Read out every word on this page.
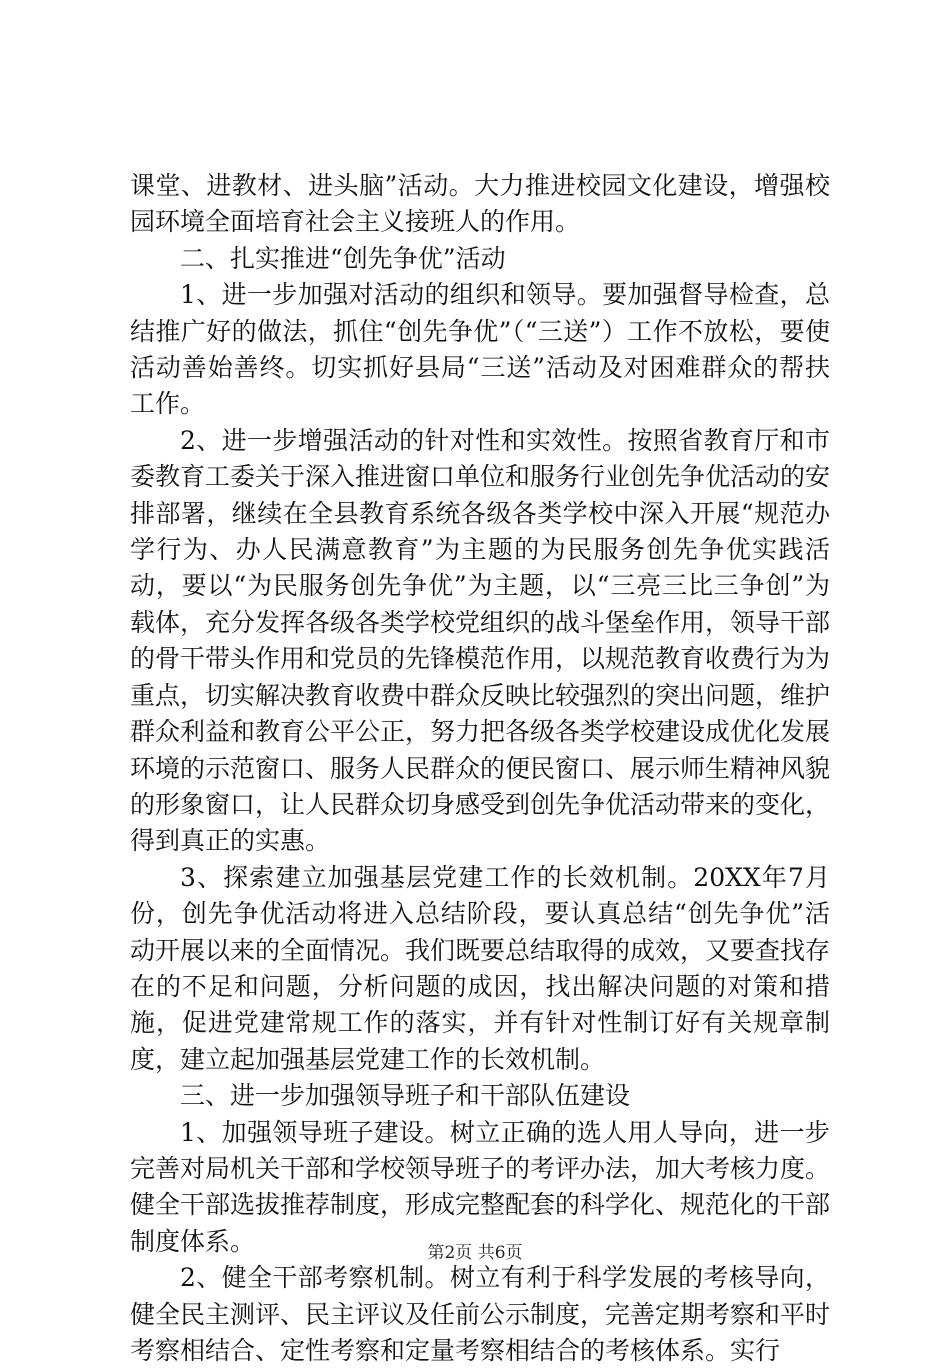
课堂、进教材、进头脑”活动。大力推进校园文化建设，增强校园环境全面培育社会主义接班人的作用。

二、扎实推进“创先争优”活动

1、进一步加强对活动的组织和领导。要加强督导检查，总结推广好的做法，抓住“创先争优”（“三送”）工作不放松，要使活动善始善终。切实抓好县局“三送”活动及对困难群众的帮扶工作。

2、进一步增强活动的针对性和实效性。按照省教育厅和市委教育工委关于深入推进窗口单位和服务行业创先争优活动的安排部署，继续在全县教育系统各级各类学校中深入开展“规范办学行为、办人民满意教育”为主题的为民服务创先争优实践活动，要以“为民服务创先争优”为主题，以“三亮三比三争创”为载体，充分发挥各级各类学校党组织的战斗堡垒作用，领导干部的骨干带头作用和党员的先锋模范作用，以规范教育收费行为为重点，切实解决教育收费中群众反映比较强烈的突出问题，维护群众利益和教育公平公正，努力把各级各类学校建设成优化发展环境的示范窗口、服务人民群众的便民窗口、展示师生精神风貌的形象窗口，让人民群众切身感受到创先争优活动带来的变化，得到真正的实惠。

3、探索建立加强基层党建工作的长效机制。20XX年7月份，创先争优活动将进入总结阶段，要认真总结“创先争优”活动开展以来的全面情况。我们既要总结取得的成效，又要查找存在的不足和问题，分析问题的成因，找出解决问题的对策和措施，促进党建常规工作的落实，并有针对性制订好有关规章制度，建立起加强基层党建工作的长效机制。

三、进一步加强领导班子和干部队伍建设

1、加强领导班子建设。树立正确的选人用人导向，进一步完善对局机关干部和学校领导班子的考评办法，加大考核力度。健全干部选拔推荐制度，形成完整配套的科学化、规范化的干部制度体系。

2、健全干部考察机制。树立有利于科学发展的考核导向，健全民主测评、民主评议及任前公示制度，完善定期考察和平时考察相结合、定性考察和定量考察相结合的考核体系。实行

第2页 共6页
